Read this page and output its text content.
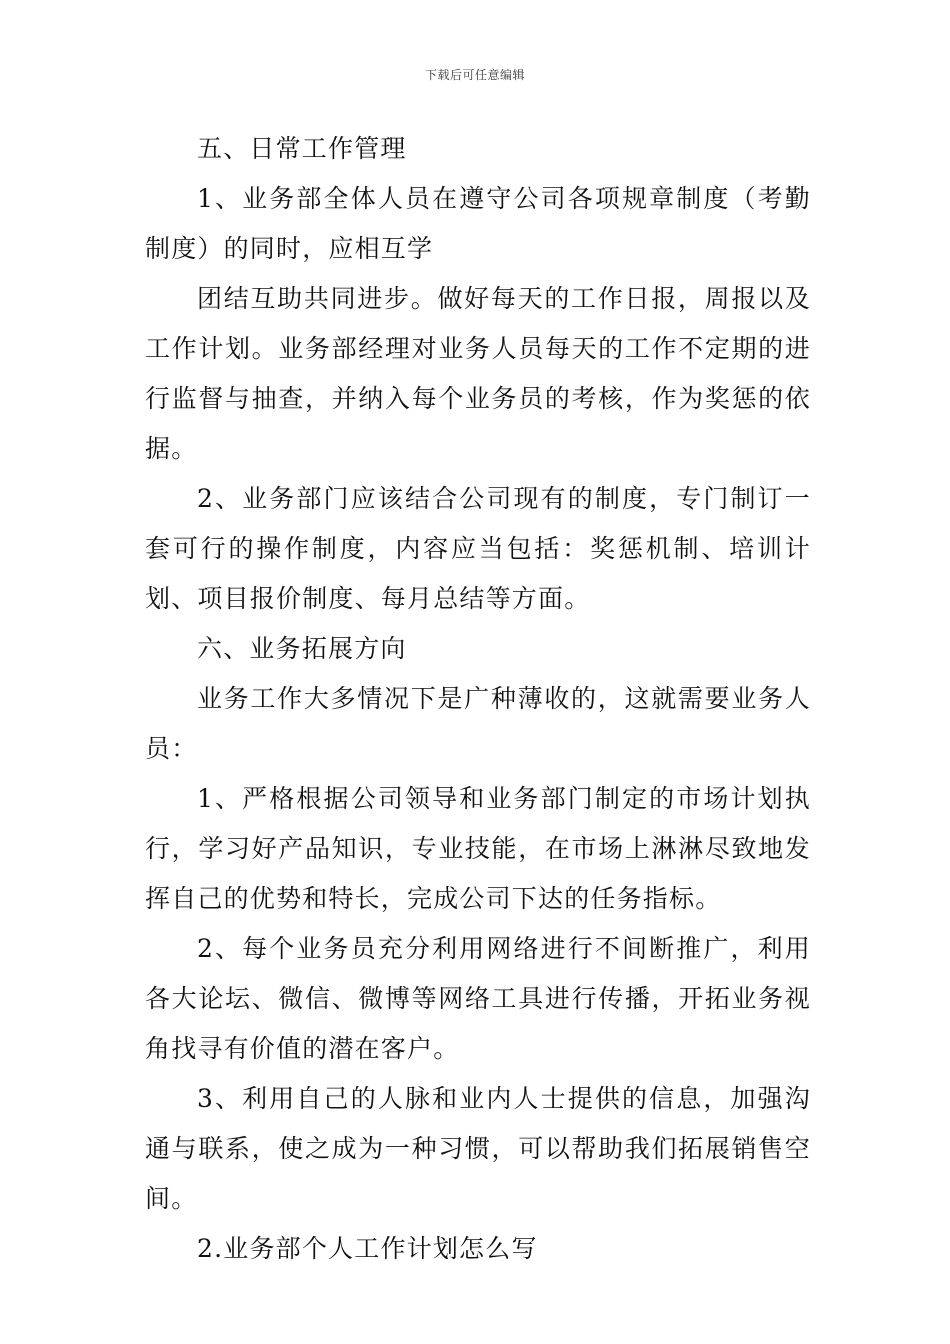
下载后可任意编辑

五、日常工作管理

1、业务部全体人员在遵守公司各项规章制度（考勤制度）的同时，应相互学

团结互助共同进步。做好每天的工作日报，周报以及工作计划。业务部经理对业务人员每天的工作不定期的进行监督与抽查，并纳入每个业务员的考核，作为奖惩的依据。

2、业务部门应该结合公司现有的制度，专门制订一套可行的操作制度，内容应当包括：奖惩机制、培训计划、项目报价制度、每月总结等方面。

六、业务拓展方向

业务工作大多情况下是广种薄收的，这就需要业务人员：

1、严格根据公司领导和业务部门制定的市场计划执行，学习好产品知识，专业技能，在市场上淋淋尽致地发挥自己的优势和特长，完成公司下达的任务指标。

2、每个业务员充分利用网络进行不间断推广，利用各大论坛、微信、微博等网络工具进行传播，开拓业务视角找寻有价值的潜在客户。

3、利用自己的人脉和业内人士提供的信息，加强沟通与联系，使之成为一种习惯，可以帮助我们拓展销售空间。

2.业务部个人工作计划怎么写
